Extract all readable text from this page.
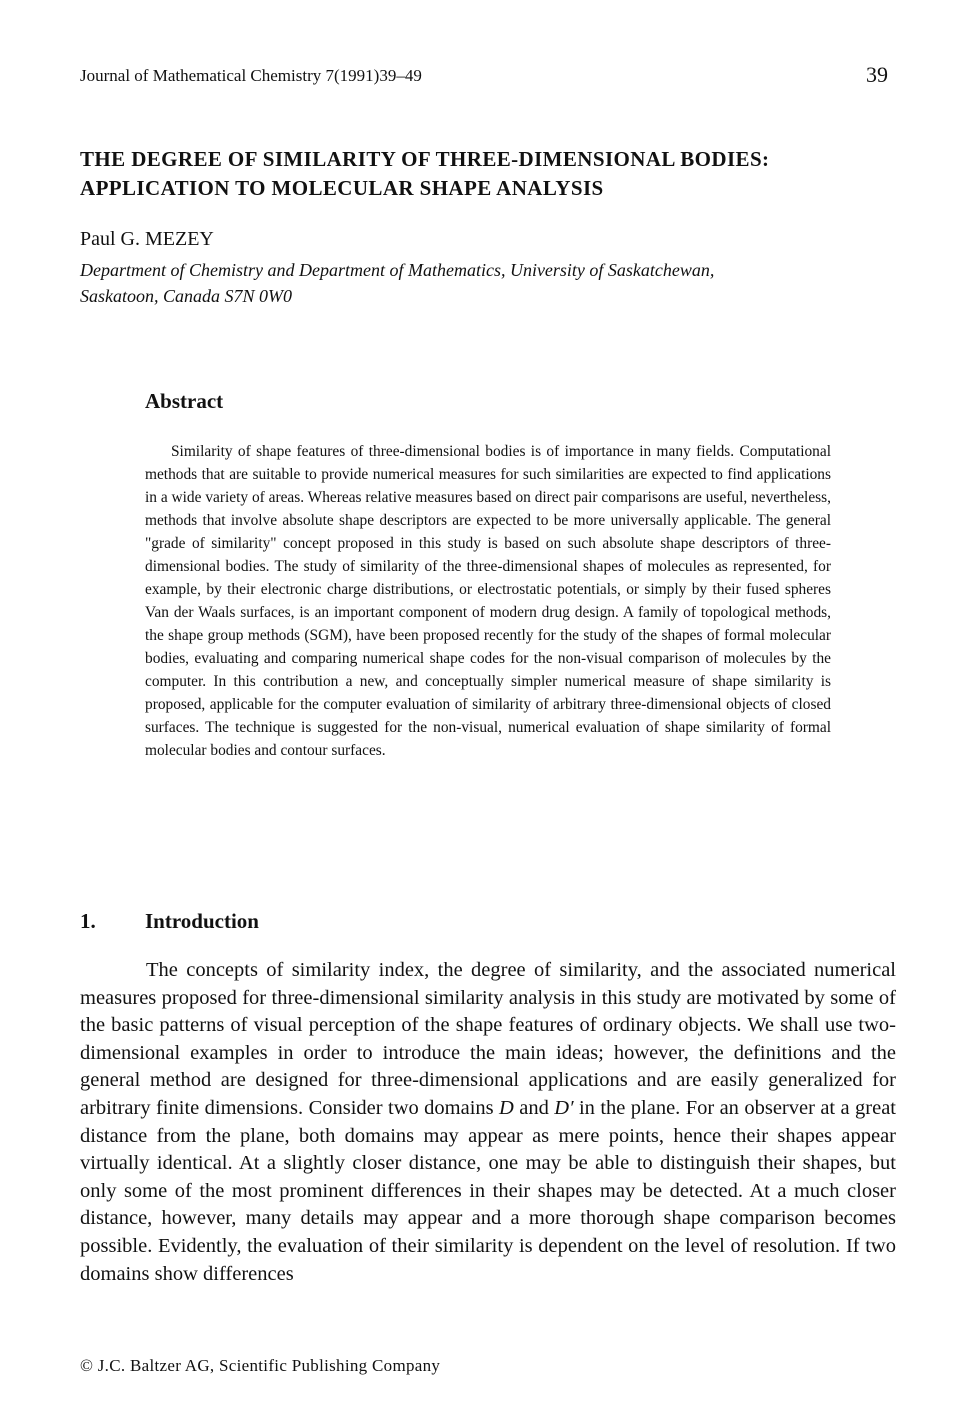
Journal of Mathematical Chemistry 7(1991)39–49	39
THE DEGREE OF SIMILARITY OF THREE-DIMENSIONAL BODIES:
APPLICATION TO MOLECULAR SHAPE ANALYSIS
Paul G. MEZEY
Department of Chemistry and Department of Mathematics, University of Saskatchewan,
Saskatoon, Canada S7N 0W0
Abstract

Similarity of shape features of three-dimensional bodies is of importance in many fields. Computational methods that are suitable to provide numerical measures for such similarities are expected to find applications in a wide variety of areas. Whereas relative measures based on direct pair comparisons are useful, nevertheless, methods that involve absolute shape descriptors are expected to be more universally applicable. The general "grade of similarity" concept proposed in this study is based on such absolute shape descriptors of three-dimensional bodies. The study of similarity of the three-dimensional shapes of molecules as represented, for example, by their electronic charge distributions, or electrostatic potentials, or simply by their fused spheres Van der Waals surfaces, is an important component of modern drug design. A family of topological methods, the shape group methods (SGM), have been proposed recently for the study of the shapes of formal molecular bodies, evaluating and comparing numerical shape codes for the non-visual comparison of molecules by the computer. In this contribution a new, and conceptually simpler numerical measure of shape similarity is proposed, applicable for the computer evaluation of similarity of arbitrary three-dimensional objects of closed surfaces. The technique is suggested for the non-visual, numerical evaluation of shape similarity of formal molecular bodies and contour surfaces.

1. Introduction

The concepts of similarity index, the degree of similarity, and the associated numerical measures proposed for three-dimensional similarity analysis in this study are motivated by some of the basic patterns of visual perception of the shape features of ordinary objects. We shall use two-dimensional examples in order to introduce the main ideas; however, the definitions and the general method are designed for three-dimensional applications and are easily generalized for arbitrary finite dimensions. Consider two domains D and D′ in the plane. For an observer at a great distance from the plane, both domains may appear as mere points, hence their shapes appear virtually identical. At a slightly closer distance, one may be able to distinguish their shapes, but only some of the most prominent differences in their shapes may be detected. At a much closer distance, however, many details may appear and a more thorough shape comparison becomes possible. Evidently, the evaluation of their similarity is dependent on the level of resolution. If two domains show differences

© J.C. Baltzer AG, Scientific Publishing Company
